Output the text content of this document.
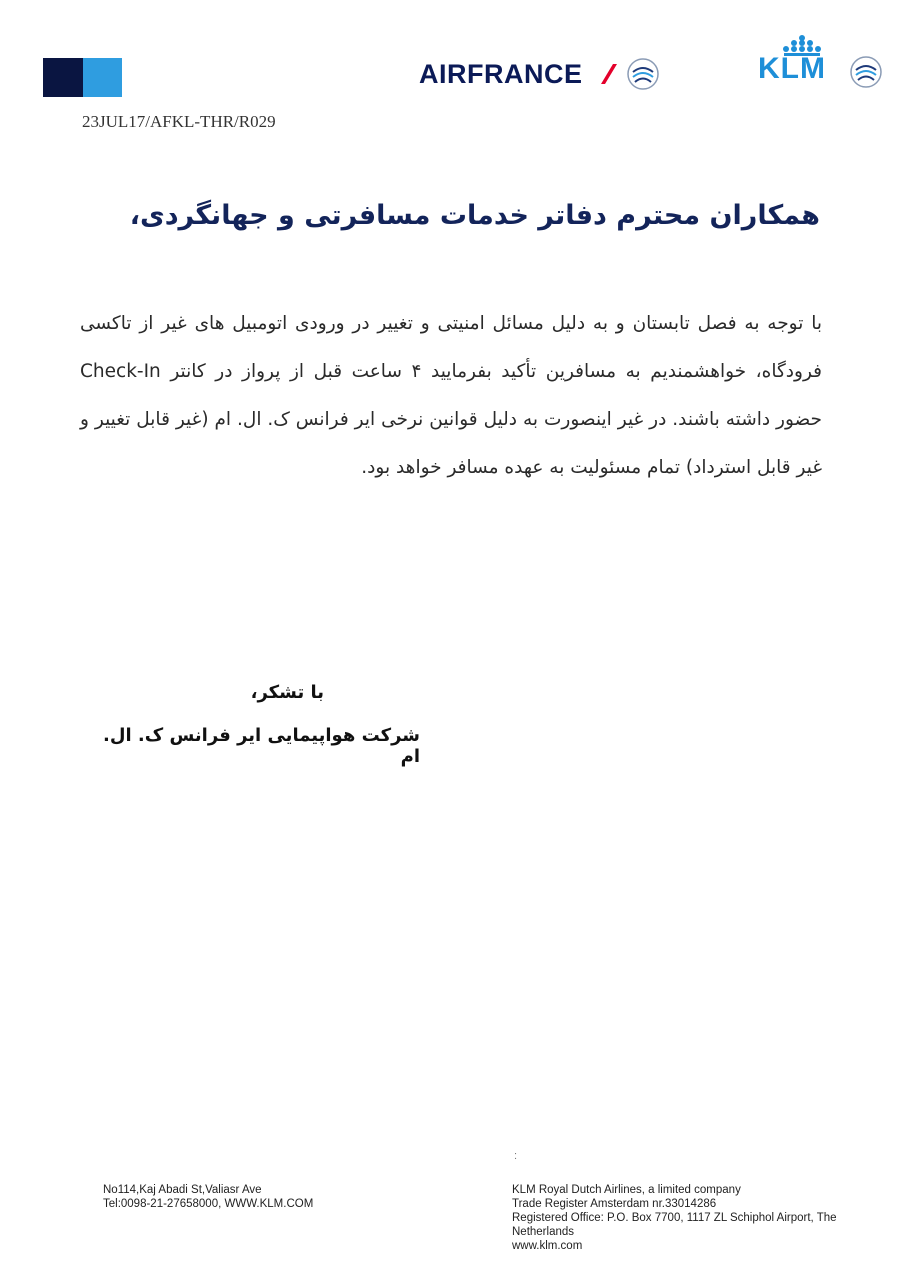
AIRFRANCE	KLM
23JUL17/AFKL-THR/R029
همکاران محترم دفاتر خدمات مسافرتی و جهانگردی،
با توجه به فصل تابستان و به دلیل مسائل امنیتی و تغییر در ورودی اتومبیل های غیر از تاکسی فرودگاه، خواهشمندیم به مسافرین تأکید بفرمایید ۴ ساعت قبل از پرواز در کانتر Check-In حضور داشته باشند. در غیر اینصورت به دلیل قوانین نرخی ایر فرانس ک. ال. ام (غیر قابل تغییر و غیر قابل استرداد) تمام مسئولیت به عهده مسافر خواهد بود.
با تشکر،
شرکت هواپیمایی ایر فرانس ک. ال. ام
:
No114,Kaj Abadi St,Valiasr Ave
Tel:0098-21-27658000, WWW.KLM.COM
KLM Royal Dutch Airlines, a limited company
Trade Register Amsterdam nr.33014286
Registered Office: P.O. Box 7700, 1117 ZL Schiphol Airport, The Netherlands
www.klm.com
